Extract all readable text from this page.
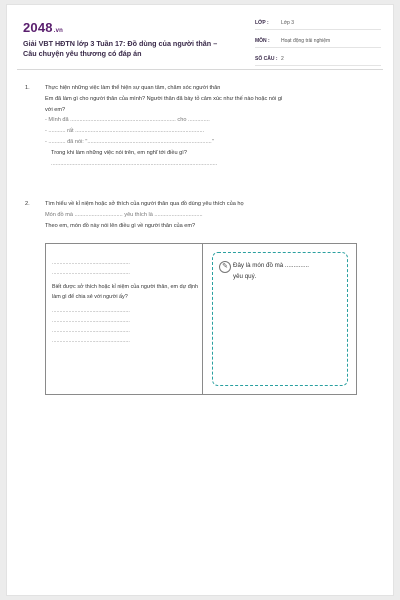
2048.vn
Giải VBT HĐTN lớp 3 Tuần 17: Đồ dùng của người thân –
Câu chuyện yêu thương có đáp án
LỚP :	Lớp 3
MÔN :	Hoạt động trải nghiệm
SỐ CÂU : 2
1.	Thực hiện những việc làm thể hiện sự quan tâm, chăm sóc người thân
Em đã làm gì cho người thân của mình? Người thân đã bày tỏ cảm xúc như thế nào hoặc nói gì
với em?
- Mình đã .................................................................... cho ..............
- ........... rất ...................................................................................
- ........... đã nói: "................................................................................"
Trong khi làm những việc nói trên, em nghĩ tới điều gì?
...........................................................................................................
2.	Tìm hiểu về kỉ niệm hoặc sở thích của người thân qua đồ dùng yêu thích của họ
Món đồ mà ............................... yêu thích là ...............................
Theo em, món đồ này nói lên điều gì về người thân của em?
....................................................
....................................................
Biết được sở thích hoặc kỉ niệm của người thân, em dự định làm gì để chia sẻ với người ấy?
....................................................
....................................................
....................................................
....................................................
✎ Đây là món đồ mà ..............
yêu quý.
